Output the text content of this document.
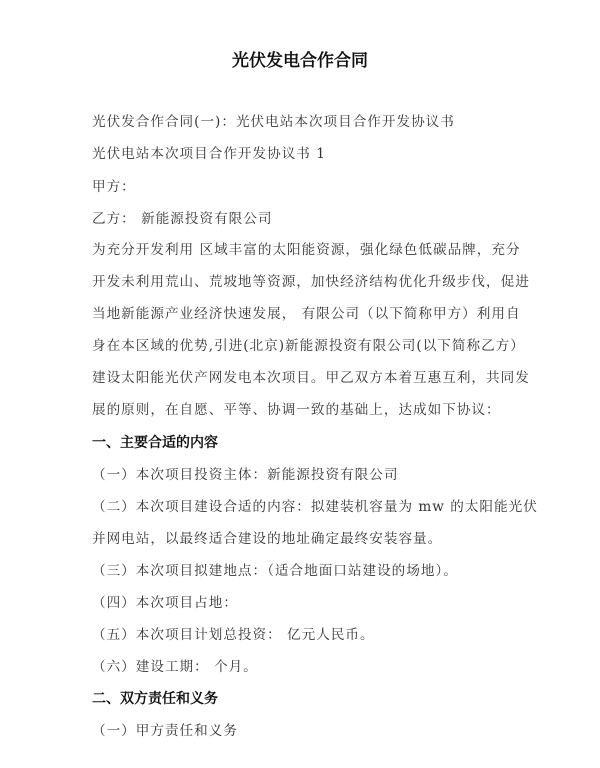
光伏发电合作合同
光伏发合作合同(一)：光伏电站本次项目合作开发协议书
光伏电站本次项目合作开发协议书 1
甲方：
乙方： 新能源投资有限公司
为充分开发利用 区域丰富的太阳能资源，强化绿色低碳品牌，充分
开发未利用荒山、荒坡地等资源，加快经济结构优化升级步伐，促进
当地新能源产业经济快速发展， 有限公司（以下简称甲方）利用自
身在本区域的优势,引进(北京)新能源投资有限公司(以下简称乙方）
建设太阳能光伏产网发电本次项目。甲乙双方本着互惠互利，共同发
展的原则，在自愿、平等、协调一致的基础上，达成如下协议：
一、主要合适的内容
（一）本次项目投资主体：新能源投资有限公司
（二）本次项目建设合适的内容：拟建装机容量为 mw 的太阳能光伏
并网电站，以最终适合建设的地址确定最终安装容量。
（三）本次项目拟建地点：（适合地面口站建设的场地）。
（四）本次项目占地：
（五）本次项目计划总投资： 亿元人民币。
（六）建设工期： 个月。
二、双方责任和义务
（一）甲方责任和义务
